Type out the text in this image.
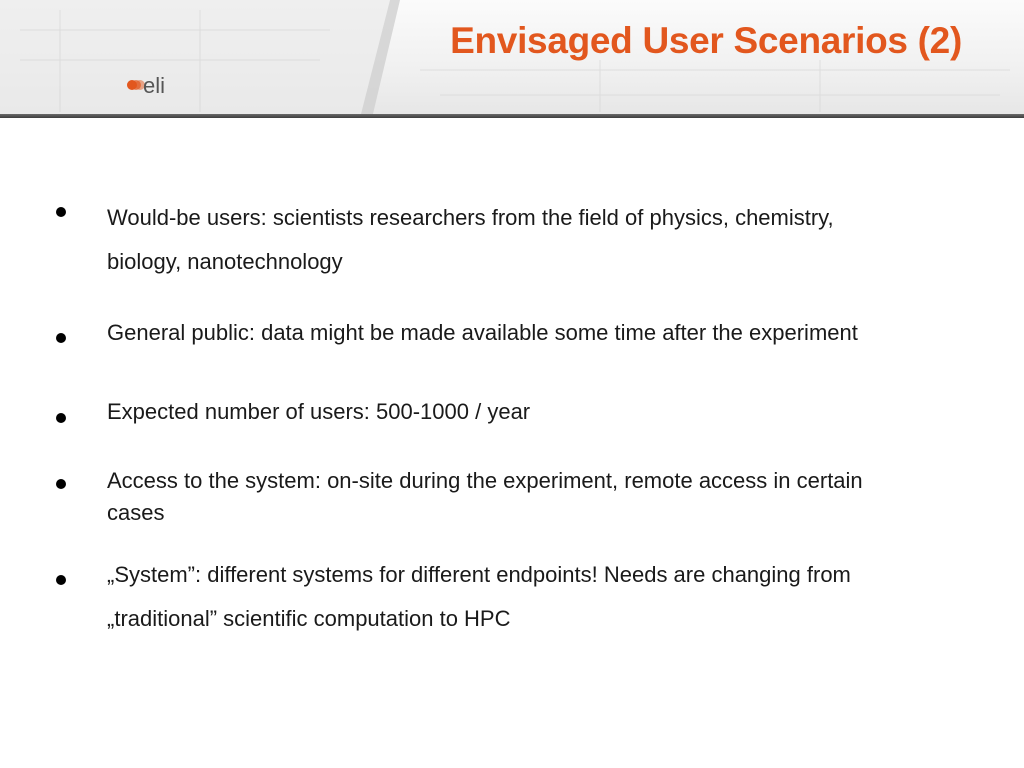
eli
Envisaged User Scenarios (2)
Would-be users: scientists researchers from the field of physics, chemistry,
biology, nanotechnology
General public: data might be made available some time after the experiment
Expected number of users: 500-1000 / year
Access to the system: on-site during the experiment, remote access in certain
cases
„System”: different systems for different endpoints! Needs are changing from
„traditional” scientific computation to HPC
